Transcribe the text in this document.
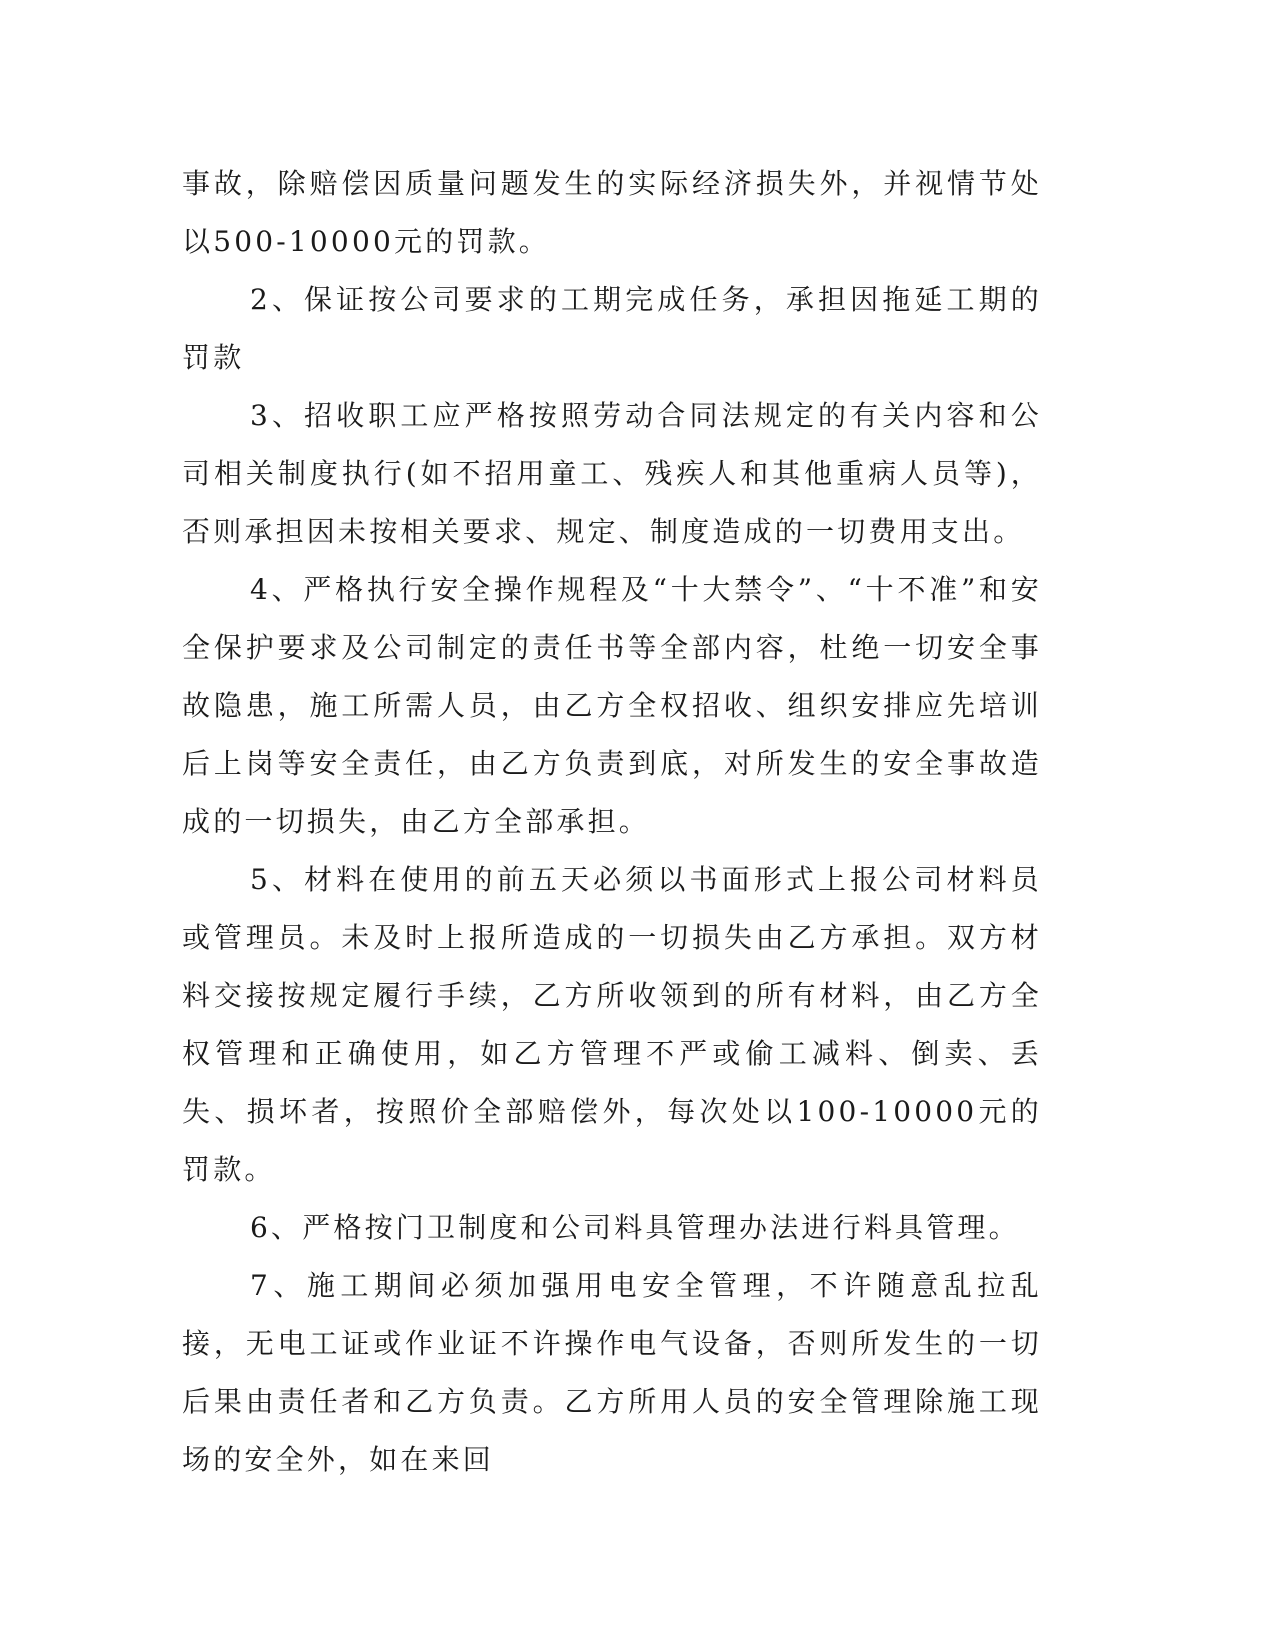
事故，除赔偿因质量问题发生的实际经济损失外，并视情节处以500-10000元的罚款。

2、保证按公司要求的工期完成任务，承担因拖延工期的罚款

3、招收职工应严格按照劳动合同法规定的有关内容和公司相关制度执行(如不招用童工、残疾人和其他重病人员等)，否则承担因未按相关要求、规定、制度造成的一切费用支出。

4、严格执行安全操作规程及“十大禁令”、“十不准”和安全保护要求及公司制定的责任书等全部内容，杜绝一切安全事故隐患，施工所需人员，由乙方全权招收、组织安排应先培训后上岗等安全责任，由乙方负责到底，对所发生的安全事故造成的一切损失，由乙方全部承担。

5、材料在使用的前五天必须以书面形式上报公司材料员或管理员。未及时上报所造成的一切损失由乙方承担。双方材料交接按规定履行手续，乙方所收领到的所有材料，由乙方全权管理和正确使用，如乙方管理不严或偷工减料、倒卖、丢失、损坏者，按照价全部赔偿外，每次处以100-10000元的罚款。

6、严格按门卫制度和公司料具管理办法进行料具管理。

7、施工期间必须加强用电安全管理，不许随意乱拉乱接，无电工证或作业证不许操作电气设备，否则所发生的一切后果由责任者和乙方负责。乙方所用人员的安全管理除施工现场的安全外，如在来回
